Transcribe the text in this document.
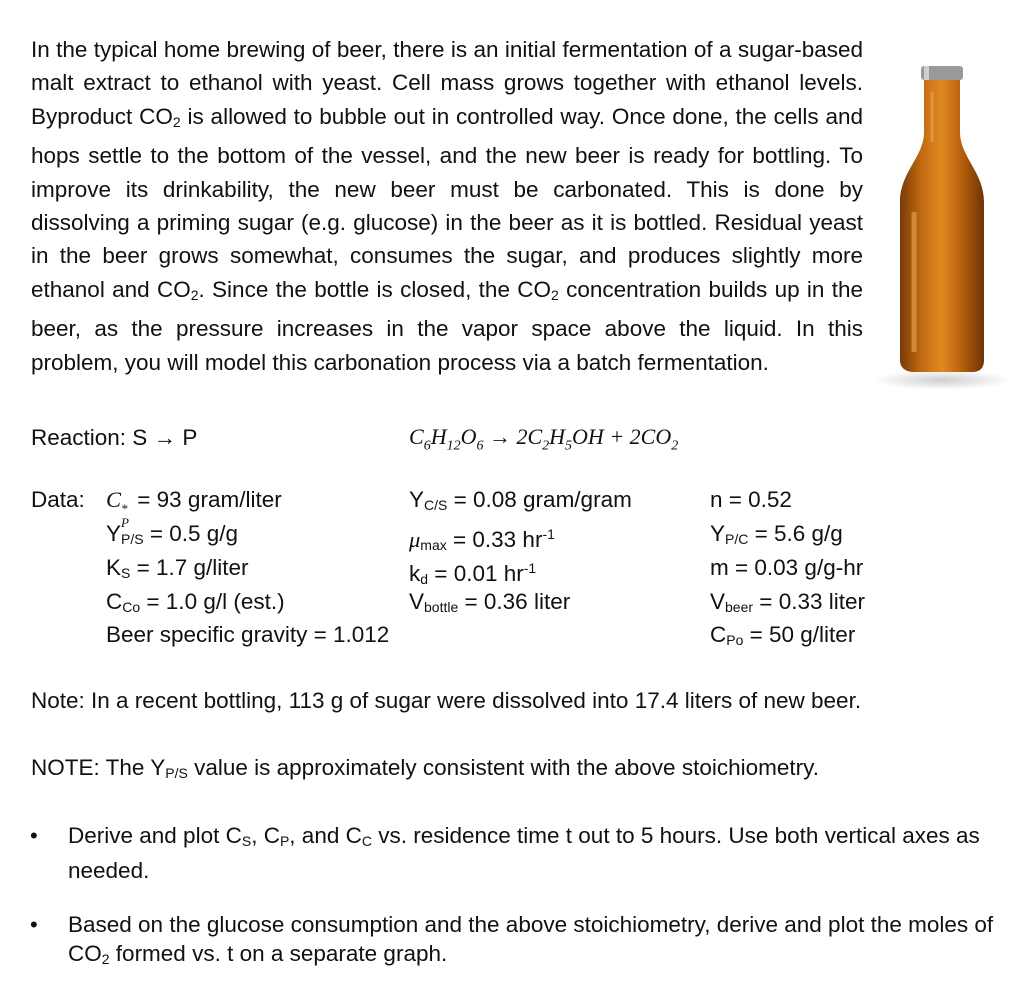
In the typical home brewing of beer, there is an initial fermentation of a sugar-based malt extract to ethanol with yeast. Cell mass grows together with ethanol levels. Byproduct $CO_2$ is allowed to bubble out in controlled way. Once done, the cells and hops settle to the bottom of the vessel, and the new beer is ready for bottling. To improve its drinkability, the new beer must be carbonated. This is done by dissolving a priming sugar (e.g. glucose) in the beer as it is bottled. Residual yeast in the beer grows somewhat, consumes the sugar, and produces slightly more ethanol and $CO_2$. Since the bottle is closed, the $CO_2$ concentration builds up in the beer, as the pressure increases in the vapor space above the liquid. In this problem, you will model this carbonation process via a batch fermentation.

Reaction: S → P	$C_6H_{12}O_6 \to 2C_2H_5OH + 2CO_2$
Data: C *
P
= 93 gram/liter
$Y_{P/S} = 0.5$ g/g
$K_S = 1.7$ g/liter
$C_{Co} = 1.0$ g/l (est.)
Beer specific gravity = 1.012
$Y_{C/S} = 0.08$ gram/gram
$\mu_{max} = 0.33$ $hr^{-1}$
$k_d = 0.01$ $hr^{-1}$
$V_{bottle} = 0.36$ liter
n = 0.52
$Y_{P/C} = 5.6$ g/g
m = 0.03 g/g-hr
$V_{beer} = 0.33$ liter
$C_{Po} = 50$ g/liter
Note: In a recent bottling, 113 g of sugar were dissolved into 17.4 liters of new beer.
NOTE: The $Y_{P/S}$ value is approximately consistent with the above stoichiometry.
• Derive and plot $C_S$, $C_P$, and $C_C$ vs. residence time t out to 5 hours. Use both vertical axes as needed.
• Based on the glucose consumption and the above stoichiometry, derive and plot the moles of $CO_2$ formed vs. t on a separate graph.
